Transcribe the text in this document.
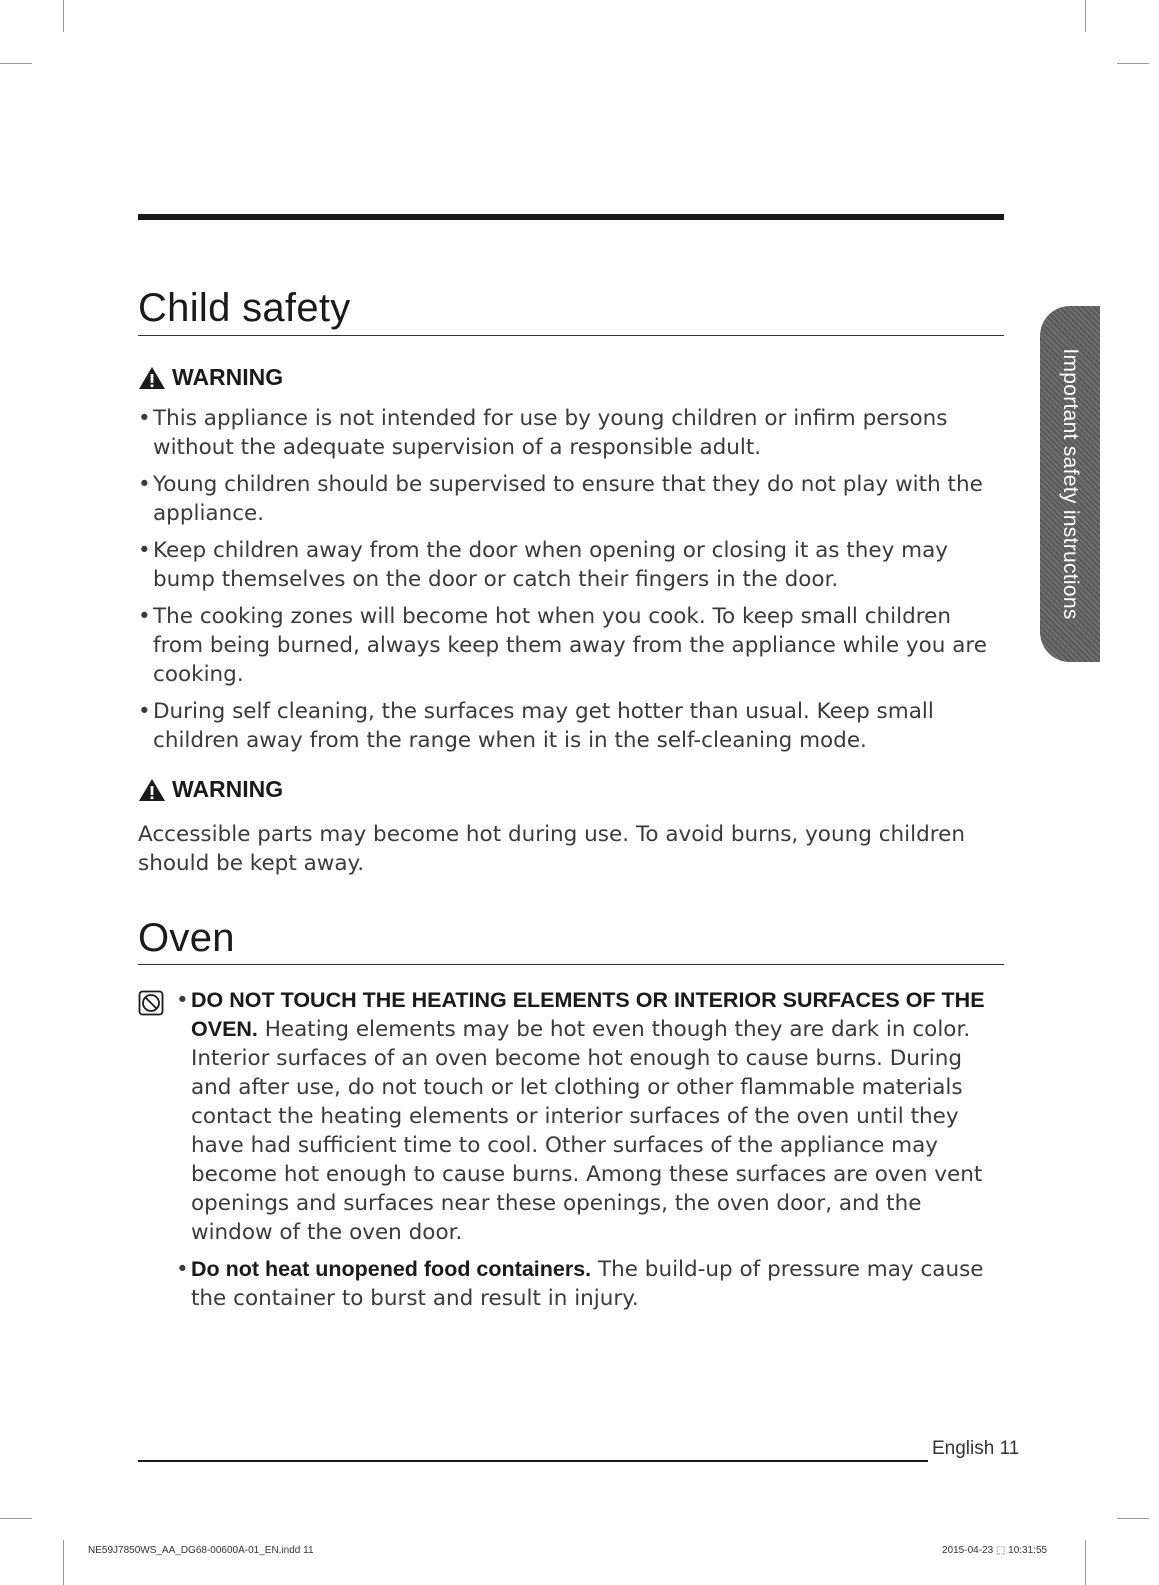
Child safety
WARNING
• This appliance is not intended for use by young children or infirm persons without the adequate supervision of a responsible adult.
• Young children should be supervised to ensure that they do not play with the appliance.
• Keep children away from the door when opening or closing it as they may bump themselves on the door or catch their fingers in the door.
• The cooking zones will become hot when you cook. To keep small children from being burned, always keep them away from the appliance while you are cooking.
• During self cleaning, the surfaces may get hotter than usual. Keep small children away from the range when it is in the self-cleaning mode.
WARNING

Accessible parts may become hot during use. To avoid burns, young children should be kept away.

Oven
• DO NOT TOUCH THE HEATING ELEMENTS OR INTERIOR SURFACES OF THE OVEN. Heating elements may be hot even though they are dark in color. Interior surfaces of an oven become hot enough to cause burns. During and after use, do not touch or let clothing or other flammable materials contact the heating elements or interior surfaces of the oven until they have had sufficient time to cool. Other surfaces of the appliance may become hot enough to cause burns. Among these surfaces are oven vent openings and surfaces near these openings, the oven door, and the window of the oven door.
• Do not heat unopened food containers. The build-up of pressure may cause the container to burst and result in injury.
Important safety instructions
English 11
NE59J7850WS_AA_DG68-00600A-01_EN.indd 11	2015-04-23 ⬚ 10:31:55
